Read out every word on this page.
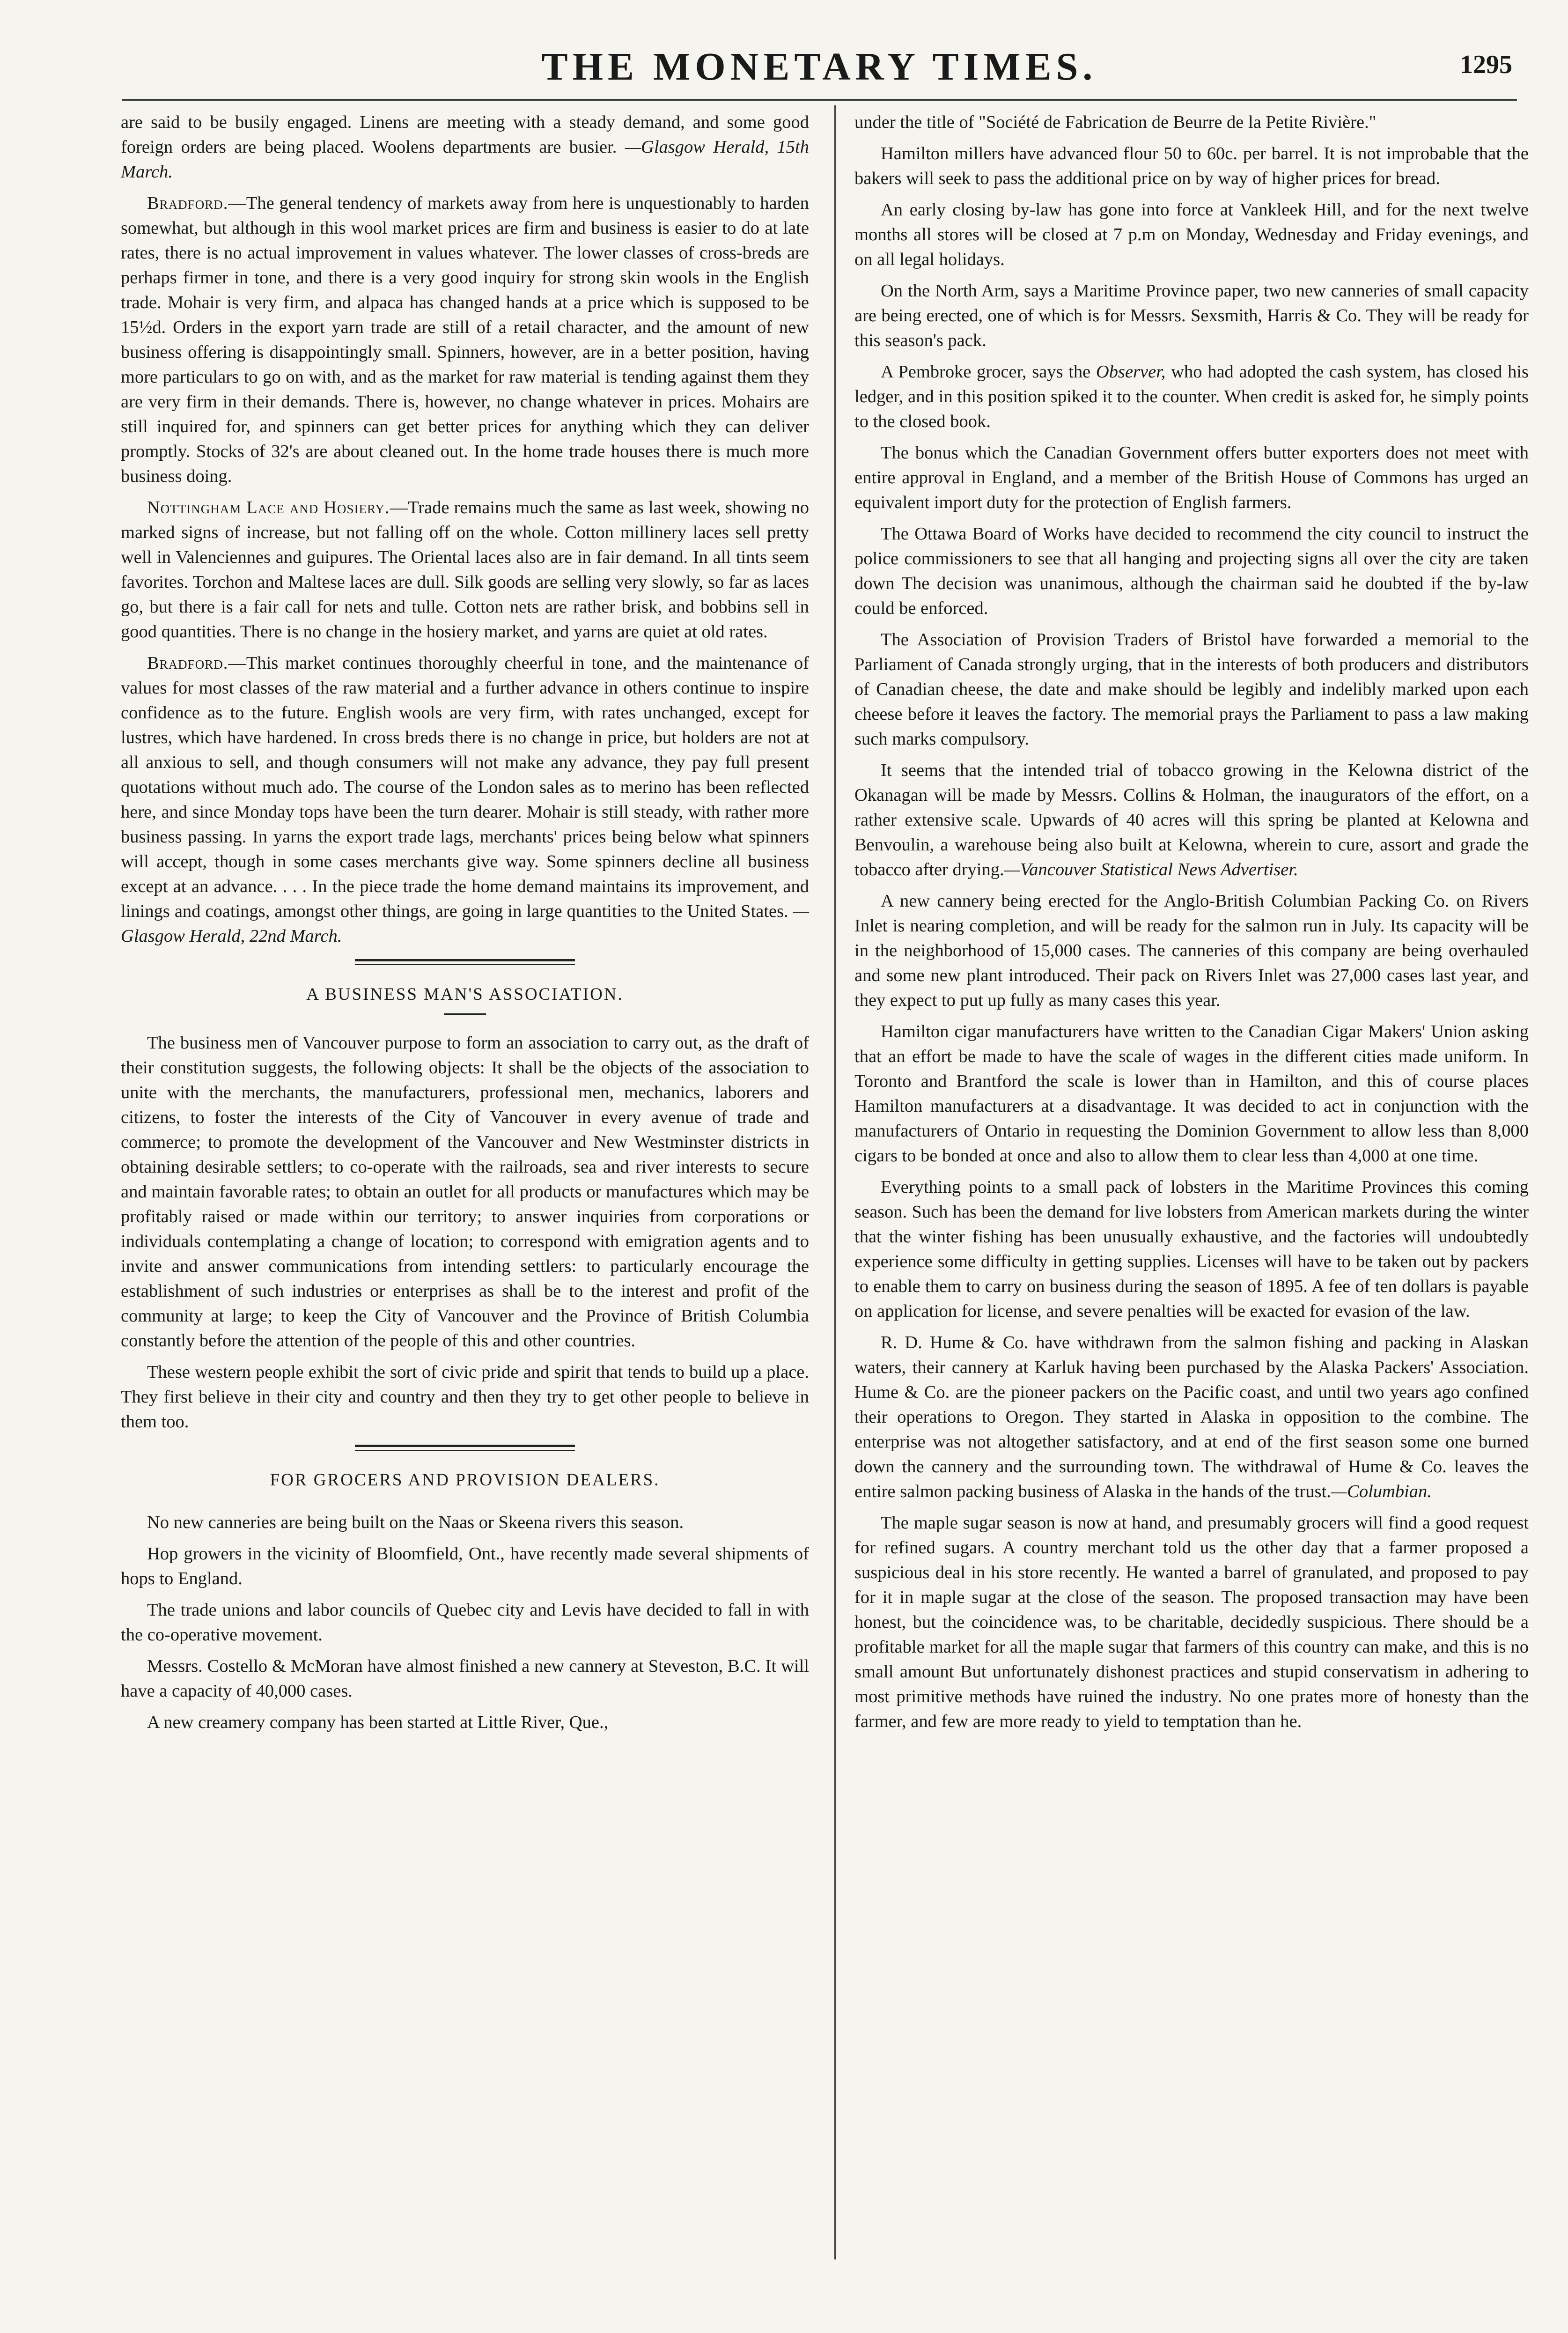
THE MONETARY TIMES.	1295

are said to be busily engaged. Linens are meeting with a steady demand, and some good foreign orders are being placed. Woolens departments are busier. —Glasgow Herald, 15th March.

Bradford.—The general tendency of markets away from here is unquestionably to harden somewhat, but although in this wool market prices are firm and business is easier to do at late rates, there is no actual improvement in values whatever. The lower classes of cross-breds are perhaps firmer in tone, and there is a very good inquiry for strong skin wools in the English trade. Mohair is very firm, and alpaca has changed hands at a price which is supposed to be 15½d. Orders in the export yarn trade are still of a retail character, and the amount of new business offering is disappointingly small. Spinners, however, are in a better position, having more particulars to go on with, and as the market for raw material is tending against them they are very firm in their demands. There is, however, no change whatever in prices. Mohairs are still inquired for, and spinners can get better prices for anything which they can deliver promptly. Stocks of 32's are about cleaned out. In the home trade houses there is much more business doing.

Nottingham Lace and Hosiery.—Trade remains much the same as last week, showing no marked signs of increase, but not falling off on the whole. Cotton millinery laces sell pretty well in Valenciennes and guipures. The Oriental laces also are in fair demand. In all tints seem favorites. Torchon and Maltese laces are dull. Silk goods are selling very slowly, so far as laces go, but there is a fair call for nets and tulle. Cotton nets are rather brisk, and bobbins sell in good quantities. There is no change in the hosiery market, and yarns are quiet at old rates.

Bradford.—This market continues thoroughly cheerful in tone, and the maintenance of values for most classes of the raw material and a further advance in others continue to inspire confidence as to the future. English wools are very firm, with rates unchanged, except for lustres, which have hardened. In cross breds there is no change in price, but holders are not at all anxious to sell, and though consumers will not make any advance, they pay full present quotations without much ado. The course of the London sales as to merino has been reflected here, and since Monday tops have been the turn dearer. Mohair is still steady, with rather more business passing. In yarns the export trade lags, merchants' prices being below what spinners will accept, though in some cases merchants give way. Some spinners decline all business except at an advance. . . . In the piece trade the home demand maintains its improvement, and linings and coatings, amongst other things, are going in large quantities to the United States. —Glasgow Herald, 22nd March.

A BUSINESS MAN'S ASSOCIATION.

The business men of Vancouver purpose to form an association to carry out, as the draft of their constitution suggests, the following objects: It shall be the objects of the association to unite with the merchants, the manufacturers, professional men, mechanics, laborers and citizens, to foster the interests of the City of Vancouver in every avenue of trade and commerce; to promote the development of the Vancouver and New Westminster districts in obtaining desirable settlers; to co-operate with the railroads, sea and river interests to secure and maintain favorable rates; to obtain an outlet for all products or manufactures which may be profitably raised or made within our territory; to answer inquiries from corporations or individuals contemplating a change of location; to correspond with emigration agents and to invite and answer communications from intending settlers: to particularly encourage the establishment of such industries or enterprises as shall be to the interest and profit of the community at large; to keep the City of Vancouver and the Province of British Columbia constantly before the attention of the people of this and other countries.

These western people exhibit the sort of civic pride and spirit that tends to build up a place. They first believe in their city and country and then they try to get other people to believe in them too.

FOR GROCERS AND PROVISION DEALERS.

No new canneries are being built on the Naas or Skeena rivers this season.

Hop growers in the vicinity of Bloomfield, Ont., have recently made several shipments of hops to England.

The trade unions and labor councils of Quebec city and Levis have decided to fall in with the co-operative movement.

Messrs. Costello & McMoran have almost finished a new cannery at Steveston, B.C. It will have a capacity of 40,000 cases.

A new creamery company has been started at Little River, Que.,

under the title of "Société de Fabrication de Beurre de la Petite Rivière."

Hamilton millers have advanced flour 50 to 60c. per barrel. It is not improbable that the bakers will seek to pass the additional price on by way of higher prices for bread.

An early closing by-law has gone into force at Vankleek Hill, and for the next twelve months all stores will be closed at 7 p.m on Monday, Wednesday and Friday evenings, and on all legal holidays.

On the North Arm, says a Maritime Province paper, two new canneries of small capacity are being erected, one of which is for Messrs. Sexsmith, Harris & Co. They will be ready for this season's pack.

A Pembroke grocer, says the Observer, who had adopted the cash system, has closed his ledger, and in this position spiked it to the counter. When credit is asked for, he simply points to the closed book.

The bonus which the Canadian Government offers butter exporters does not meet with entire approval in England, and a member of the British House of Commons has urged an equivalent import duty for the protection of English farmers.

The Ottawa Board of Works have decided to recommend the city council to instruct the police commissioners to see that all hanging and projecting signs all over the city are taken down The decision was unanimous, although the chairman said he doubted if the by-law could be enforced.

The Association of Provision Traders of Bristol have forwarded a memorial to the Parliament of Canada strongly urging, that in the interests of both producers and distributors of Canadian cheese, the date and make should be legibly and indelibly marked upon each cheese before it leaves the factory. The memorial prays the Parliament to pass a law making such marks compulsory.

It seems that the intended trial of tobacco growing in the Kelowna district of the Okanagan will be made by Messrs. Collins & Holman, the inaugurators of the effort, on a rather extensive scale. Upwards of 40 acres will this spring be planted at Kelowna and Benvoulin, a warehouse being also built at Kelowna, wherein to cure, assort and grade the tobacco after drying.—Vancouver Statistical News Advertiser.

A new cannery being erected for the Anglo-British Columbian Packing Co. on Rivers Inlet is nearing completion, and will be ready for the salmon run in July. Its capacity will be in the neighborhood of 15,000 cases. The canneries of this company are being overhauled and some new plant introduced. Their pack on Rivers Inlet was 27,000 cases last year, and they expect to put up fully as many cases this year.

Hamilton cigar manufacturers have written to the Canadian Cigar Makers' Union asking that an effort be made to have the scale of wages in the different cities made uniform. In Toronto and Brantford the scale is lower than in Hamilton, and this of course places Hamilton manufacturers at a disadvantage. It was decided to act in conjunction with the manufacturers of Ontario in requesting the Dominion Government to allow less than 8,000 cigars to be bonded at once and also to allow them to clear less than 4,000 at one time.

Everything points to a small pack of lobsters in the Maritime Provinces this coming season. Such has been the demand for live lobsters from American markets during the winter that the winter fishing has been unusually exhaustive, and the factories will undoubtedly experience some difficulty in getting supplies. Licenses will have to be taken out by packers to enable them to carry on business during the season of 1895. A fee of ten dollars is payable on application for license, and severe penalties will be exacted for evasion of the law.

R. D. Hume & Co. have withdrawn from the salmon fishing and packing in Alaskan waters, their cannery at Karluk having been purchased by the Alaska Packers' Association. Hume & Co. are the pioneer packers on the Pacific coast, and until two years ago confined their operations to Oregon. They started in Alaska in opposition to the combine. The enterprise was not altogether satisfactory, and at end of the first season some one burned down the cannery and the surrounding town. The withdrawal of Hume & Co. leaves the entire salmon packing business of Alaska in the hands of the trust.—Columbian.

The maple sugar season is now at hand, and presumably grocers will find a good request for refined sugars. A country merchant told us the other day that a farmer proposed a suspicious deal in his store recently. He wanted a barrel of granulated, and proposed to pay for it in maple sugar at the close of the season. The proposed transaction may have been honest, but the coincidence was, to be charitable, decidedly suspicious. There should be a profitable market for all the maple sugar that farmers of this country can make, and this is no small amount But unfortunately dishonest practices and stupid conservatism in adhering to most primitive methods have ruined the industry. No one prates more of honesty than the farmer, and few are more ready to yield to temptation than he.
